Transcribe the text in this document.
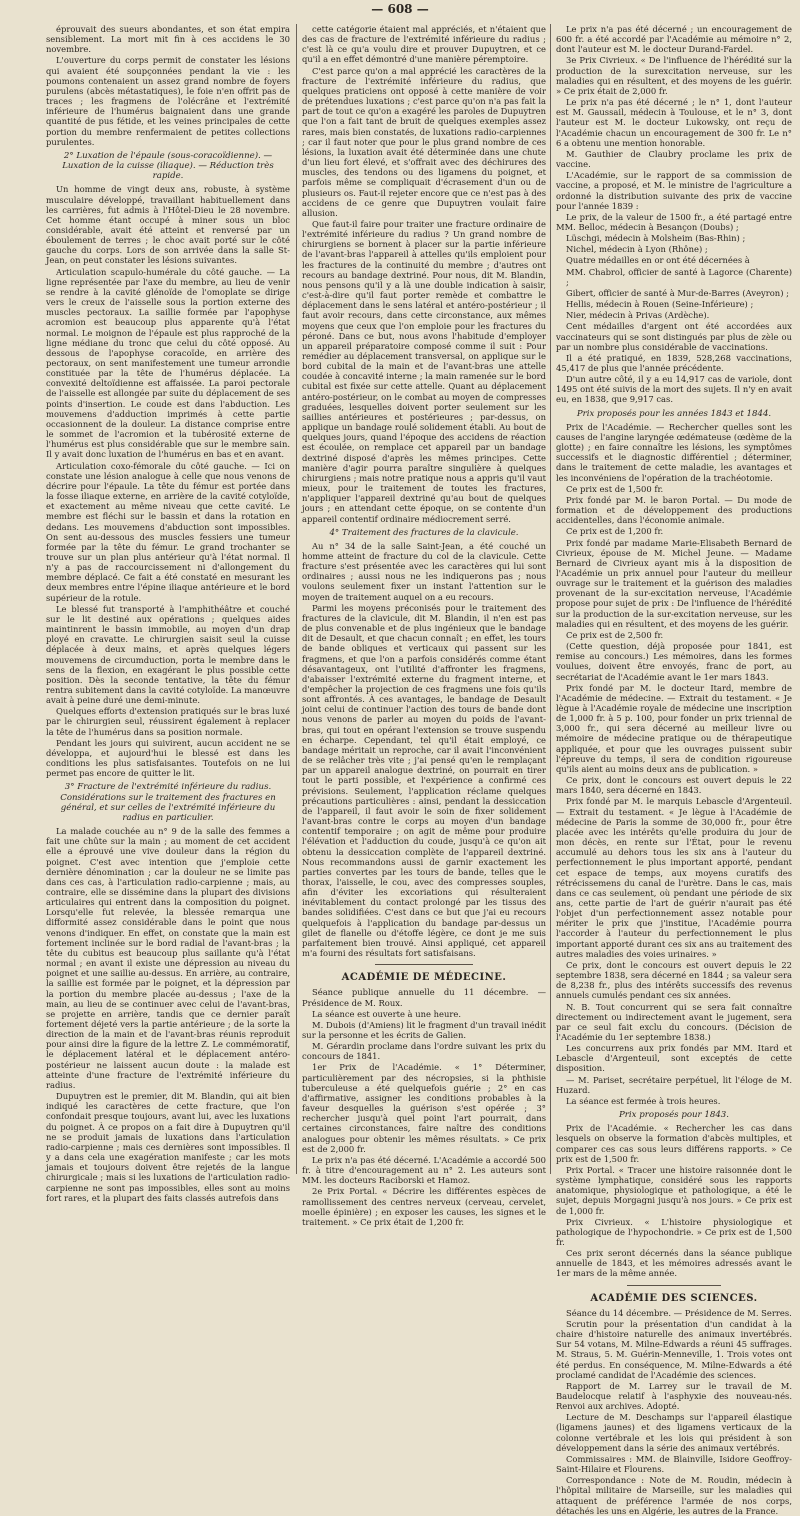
— 608 —

éprouvait des sueurs abondantes, et son état empira sensiblement. La mort mit fin à ces accidens le 30 novembre.

L'ouverture du corps permit de constater les lésions qui avaient été soupçonnées pendant la vie : les poumons contenaient un assez grand nombre de foyers purulens (abcès métastatiques), le foie n'en offrit pas de traces ; les fragmens de l'olécrâne et l'extrémité inférieure de l'humérus baignaient dans une grande quantité de pus fétide, et les veines principales de cette portion du membre renfermaient de petites collections purulentes.

2° Luxation de l'épaule (sous-coracoïdienne). — Luxation de la cuisse (iliaque). — Réduction très rapide.

Un homme de vingt deux ans, robuste, à système musculaire développé, travaillant habituellement dans les carrières, fut admis à l'Hôtel-Dieu le 28 novembre. Cet homme étant occupé à miner sous un bloc considérable, avait été atteint et renversé par un éboulement de terres ; le choc avait porté sur le côté gauche du corps. Lors de son arrivée dans la salle St-Jean, on peut constater les lésions suivantes.

Articulation scapulo-humérale du côté gauche. — La ligne représentée par l'axe du membre, au lieu de venir se rendre à la cavité glénoïde de l'omoplate se dirige vers le creux de l'aisselle sous la portion externe des muscles pectoraux. La saillie formée par l'apophyse acromion est beaucoup plus apparente qu'à l'état normal. Le moignon de l'épaule est plus rapproché de la ligne médiane du tronc que celui du côté opposé. Au dessous de l'apophyse coracoïde, en arrière des pectoraux, on sent manifestement une tumeur arrondie constituée par la tête de l'humérus déplacée. La convexité deltoïdienne est affaissée. La paroi pectorale de l'aisselle est allongée par suite du déplacement de ses points d'insertion. Le coude est dans l'abduction. Les mouvemens d'adduction imprimés à cette partie occasionnent de la douleur. La distance comprise entre le sommet de l'acromion et la tubérosité externe de l'humérus est plus considérable que sur le membre sain. Il y avait donc luxation de l'humérus en bas et en avant.

Articulation coxo-fémorale du côté gauche. — Ici on constate une lésion analogue à celle que nous venons de décrire pour l'épaule. La tête du fémur est portée dans la fosse iliaque externe, en arrière de la cavité cotyloïde, et exactement au même niveau que cette cavité. Le membre est fléchi sur le bassin et dans la rotation en dedans. Les mouvemens d'abduction sont impossibles. On sent au-dessous des muscles fessiers une tumeur formée par la tête du fémur. Le grand trochanter se trouve sur un plan plus antérieur qu'à l'état normal. Il n'y a pas de raccourcissement ni d'allongement du membre déplacé. Ce fait a été constaté en mesurant les deux membres entre l'épine iliaque antérieure et le bord supérieur de la rotule.

Le blessé fut transporté à l'amphithéâtre et couché sur le lit destiné aux opérations ; quelques aides maintinrent le bassin immobile, au moyen d'un drap ployé en cravatte. Le chirurgien saisit seul la cuisse déplacée à deux mains, et après quelques légers mouvemens de circumduction, porta le membre dans le sens de la flexion, en exagérant le plus possible cette position. Dès la seconde tentative, la tête du fémur rentra subitement dans la cavité cotyloïde. La manœuvre avait à peine duré une demi-minute.

Quelques efforts d'extension pratiqués sur le bras luxé par le chirurgien seul, réussirent également à replacer la tête de l'humérus dans sa position normale.

Pendant les jours qui suivirent, aucun accident ne se développa, et aujourd'hui le blessé est dans les conditions les plus satisfaisantes. Toutefois on ne lui permet pas encore de quitter le lit.

3° Fracture de l'extrémité inférieure du radius. Considérations sur le traitement des fractures en général, et sur celles de l'extrémité inférieure du radius en particulier.

La malade couchée au n° 9 de la salle des femmes a fait une chûte sur la main ; au moment de cet accident elle a éprouvé une vive douleur dans la région du poignet. C'est avec intention que j'emploie cette dernière dénomination ; car la douleur ne se limite pas dans ces cas, à l'articulation radio-carpienne ; mais, au contraire, elle se dissémine dans la plupart des divisions articulaires qui entrent dans la composition du poignet. Lorsqu'elle fut relevée, la blessée remarqua une difformité assez considérable dans le point que nous venons d'indiquer. En effet, on constate que la main est fortement inclinée sur le bord radial de l'avant-bras ; la tête du cubitus est beaucoup plus saillante qu'à l'état normal ; en avant il existe une dépression au niveau du poignet et une saillie au-dessus. En arrière, au contraire, la saillie est formée par le poignet, et la dépression par la portion du membre placée au-dessus ; l'axe de la main, au lieu de se continuer avec celui de l'avant-bras, se projette en arrière, tandis que ce dernier paraît fortement déjeté vers la partie antérieure ; de la sorte la direction de la main et de l'avant-bras réunis reproduit pour ainsi dire la figure de la lettre Z. Le commémoratif, le déplacement latéral et le déplacement antéro-postérieur ne laissent aucun doute : la malade est atteinte d'une fracture de l'extrémité inférieure du radius.

Dupuytren est le premier, dit M. Blandin, qui ait bien indiqué les caractères de cette fracture, que l'on confondait presque toujours, avant lui, avec les luxations du poignet. À ce propos on a fait dire à Dupuytren qu'il ne se produit jamais de luxations dans l'articulation radio-carpienne ; mais ces dernières sont impossibles. Il y a dans cela une exagération manifeste ; car les mots jamais et toujours doivent être rejetés de la langue chirurgicale ; mais si les luxations de l'articulation radio-carpienne ne sont pas impossibles, elles sont au moins fort rares, et la plupart des faits classés autrefois dans

cette catégorie étaient mal appréciés, et n'étaient que des cas de fracture de l'extrémité inférieure du radius ; c'est là ce qu'a voulu dire et prouver Dupuytren, et ce qu'il a en effet démontré d'une manière péremptoire.

C'est parce qu'on a mal apprécié les caractères de la fracture de l'extrémité inférieure du radius, que quelques praticiens ont opposé à cette manière de voir de prétendues luxations ; c'est parce qu'on n'a pas fait la part de tout ce qu'on a exagéré les paroles de Dupuytren que l'on a fait tant de bruit de quelques exemples assez rares, mais bien constatés, de luxations radio-carpiennes ; car il faut noter que pour le plus grand nombre de ces lésions, la luxation avait été déterminée dans une chute d'un lieu fort élevé, et s'offrait avec des déchirures des muscles, des tendons ou des ligamens du poignet, et parfois même se compliquait d'écrasement d'un ou de plusieurs os. Faut-il rejeter encore que ce n'est pas à des accidens de ce genre que Dupuytren voulait faire allusion.

Que faut-il faire pour traiter une fracture ordinaire de l'extrémité inférieure du radius ? Un grand nombre de chirurgiens se bornent à placer sur la partie inférieure de l'avant-bras l'appareil à attelles qu'ils emploient pour les fractures de la continuité du membre ; d'autres ont recours au bandage dextriné. Pour nous, dit M. Blandin, nous pensons qu'il y a là une double indication à saisir, c'est-à-dire qu'il faut porter remède et combattre le déplacement dans le sens latéral et antéro-postérieur ; il faut avoir recours, dans cette circonstance, aux mêmes moyens que ceux que l'on emploie pour les fractures du péroné. Dans ce but, nous avons l'habitude d'employer un appareil préparatoire composé comme il suit : Pour remédier au déplacement transversal, on applique sur le bord cubital de la main et de l'avant-bras une attelle coudée à concavité interne ; la main ramenée sur le bord cubital est fixée sur cette attelle. Quant au déplacement antéro-postérieur, on le combat au moyen de compresses graduées, lesquelles doivent porter seulement sur les saillies antérieures et postérieures ; par-dessus, on applique un bandage roulé solidement établi. Au bout de quelques jours, quand l'époque des accidens de réaction est écoulée, on remplace cet appareil par un bandage dextriné disposé d'après les mêmes principes. Cette manière d'agir pourra paraître singulière à quelques chirurgiens ; mais notre pratique nous a appris qu'il vaut mieux, pour le traitement de toutes les fractures, n'appliquer l'appareil dextriné qu'au bout de quelques jours ; en attendant cette époque, on se contente d'un appareil contentif ordinaire médiocrement serré.

4° Traitement des fractures de la clavicule.

Au n° 34 de la salle Saint-Jean, a été couché un homme atteint de fracture du col de la clavicule. Cette fracture s'est présentée avec les caractères qui lui sont ordinaires ; aussi nous ne les indiquerons pas ; nous voulons seulement fixer un instant l'attention sur le moyen de traitement auquel on a eu recours.

Parmi les moyens préconisés pour le traitement des fractures de la clavicule, dit M. Blandin, il n'en est pas de plus convenable et de plus ingénieux que le bandage dit de Desault, et que chacun connaît ; en effet, les tours de bande obliques et verticaux qui passent sur les fragmens, et que l'on a parfois considérés comme étant désavantageux, ont l'utilité d'affronter les fragmens, d'abaisser l'extrémité externe du fragment interne, et d'empêcher la projection de ces fragmens une fois qu'ils sont affrontés. À ces avantages, le bandage de Desault joint celui de continuer l'action des tours de bande dont nous venons de parler au moyen du poids de l'avant-bras, qui tout en opérant l'extension se trouve suspendu en écharpe. Cependant, tel qu'il était employé, ce bandage méritait un reproche, car il avait l'inconvénient de se relâcher très vite ; j'ai pensé qu'en le remplaçant par un appareil analogue dextriné, on pourrait en tirer tout le parti possible, et l'expérience a confirmé ces prévisions. Seulement, l'application réclame quelques précautions particulières : ainsi, pendant la dessiccation de l'appareil, il faut avoir le soin de fixer solidement l'avant-bras contre le corps au moyen d'un bandage contentif temporaire ; on agit de même pour produire l'élévation et l'adduction du coude, jusqu'à ce qu'on ait obtenu la dessiccation complète de l'appareil dextriné. Nous recommandons aussi de garnir exactement les parties convertes par les tours de bande, telles que le thorax, l'aisselle, le cou, avec des compresses souples, afin d'éviter les excoriations qui résulteraient inévitablement du contact prolongé par les tissus des bandes solidifiées. C'est dans ce but que j'ai eu recours quelquefois à l'application du bandage par-dessus un gilet de flanelle ou d'étoffe légère, ce dont je me suis parfaitement bien trouvé. Ainsi appliqué, cet appareil m'a fourni des résultats fort satisfaisans.

ACADÉMIE DE MÉDECINE.

Séance publique annuelle du 11 décembre. — Présidence de M. Roux.

La séance est ouverte à une heure.

M. Dubois (d'Amiens) lit le fragment d'un travail inédit sur la personne et les écrits de Galien.

M. Gérardin proclame dans l'ordre suivant les prix du concours de 1841.

1er Prix de l'Académie. « 1° Déterminer, particulièrement par des nécropsies, si la phthisie tuberculeuse a été quelquefois guérie ; 2° en cas d'affirmative, assigner les conditions probables à la faveur desquelles la guérison s'est opérée ; 3° rechercher jusqu'à quel point l'art pourrait, dans certaines circonstances, faire naître des conditions analogues pour obtenir les mêmes résultats. » Ce prix est de 2,000 fr.

Le prix n'a pas été décerné. L'Académie a accordé 500 fr. à titre d'encouragement au n° 2. Les auteurs sont MM. les docteurs Raciborski et Hamoz.

2e Prix Portal. « Décrire les différentes espèces de ramollissement des centres nerveux (cerveau, cervelet, moelle épinière) ; en exposer les causes, les signes et le traitement. » Ce prix était de 1,200 fr.

Le prix n'a pas été décerné ; un encouragement de 600 fr. a été accordé par l'Académie au mémoire n° 2, dont l'auteur est M. le docteur Durand-Fardel.

3e Prix Civrieux. « De l'influence de l'hérédité sur la production de la surexcitation nerveuse, sur les maladies qui en résultent, et des moyens de les guérir. » Ce prix était de 2,000 fr.

Le prix n'a pas été décerné ; le n° 1, dont l'auteur est M. Gaussail, médecin à Toulouse, et le n° 3, dont l'auteur est M. le docteur Lukowsky, ont reçu de l'Académie chacun un encouragement de 300 fr. Le n° 6 a obtenu une mention honorable.

M. Gauthier de Claubry proclame les prix de vaccine.

L'Académie, sur le rapport de sa commission de vaccine, a proposé, et M. le ministre de l'agriculture a ordonné la distribution suivante des prix de vaccine pour l'année 1839 :

Le prix, de la valeur de 1500 fr., a été partagé entre MM. Belloc, médecin à Besançon (Doubs) ;

Lüschgi, médecin à Molsheim (Bas-Rhin) ;

Nichel, médecin à Lyon (Rhône) ;

Quatre médailles en or ont été décernées à

MM. Chabrol, officier de santé à Lagorce (Charente) ;

Gibert, officier de santé à Mur-de-Barres (Aveyron) ;

Hellis, médecin à Rouen (Seine-Inférieure) ;

Nier, médecin à Privas (Ardèche).

Cent médailles d'argent ont été accordées aux vaccinateurs qui se sont distingués par plus de zèle ou par un nombre plus considérable de vaccinations.

Il a été pratiqué, en 1839, 528,268 vaccinations, 45,417 de plus que l'année précédente.

D'un autre côté, il y a eu 14,917 cas de variole, dont 1495 ont été suivis de la mort des sujets. Il n'y en avait eu, en 1838, que 9,917 cas.

Prix proposés pour les années 1843 et 1844.

Prix de l'Académie. — Rechercher quelles sont les causes de l'angine laryngée œdémateuse (œdème de la glotte) ; en faire connaître les lésions, les symptômes successifs et le diagnostic différentiel ; déterminer, dans le traitement de cette maladie, les avantages et les inconvéniens de l'opération de la trachéotomie.

Ce prix est de 1,500 fr.

Prix fondé par M. le baron Portal. — Du mode de formation et de développement des productions accidentelles, dans l'économie animale.

Ce prix est de 1,200 fr.

Prix fondé par madame Marie-Elisabeth Bernard de Civrieux, épouse de M. Michel Jeune. — Madame Bernard de Civrieux ayant mis à la disposition de l'Académie un prix annuel pour l'auteur du meilleur ouvrage sur le traitement et la guérison des maladies provenant de la sur-excitation nerveuse, l'Académie propose pour sujet de prix : De l'influence de l'hérédité sur la production de la sur-excitation nerveuse, sur les maladies qui en résultent, et des moyens de les guérir.

Ce prix est de 2,500 fr.

(Cette question, déjà proposée pour 1841, est remise au concours.) Les mémoires, dans les formes voulues, doivent être envoyés, franc de port, au secrétariat de l'Académie avant le 1er mars 1843.

Prix fondé par M. le docteur Itard, membre de l'Académie de médecine. — Extrait du testament. « Je lègue à l'Académie royale de médecine une inscription de 1,000 fr. à 5 p. 100, pour fonder un prix triennal de 3,000 fr., qui sera décerné au meilleur livre ou mémoire de médecine pratique ou de thérapeutique appliquée, et pour que les ouvrages puissent subir l'épreuve du temps, il sera de condition rigoureuse qu'ils aient au moins deux ans de publication. »

Ce prix, dont le concours est ouvert depuis le 22 mars 1840, sera décerné en 1843.

Prix fondé par M. le marquis Lebascle d'Argenteuil. — Extrait du testament. « Je lègue à l'Académie de médecine de Paris la somme de 30,000 fr., pour être placée avec les intérêts qu'elle produira du jour de mon décès, en rente sur l'État, pour le revenu accumulé au dehors tous les six ans à l'auteur du perfectionnement le plus important apporté, pendant cet espace de temps, aux moyens curatifs des rétrécissemens du canal de l'urètre. Dans le cas, mais dans ce cas seulement, où pendant une période de six ans, cette partie de l'art de guérir n'aurait pas été l'objet d'un perfectionnement assez notable pour mériter le prix que j'institue, l'Académie pourra l'accorder à l'auteur du perfectionnement le plus important apporté durant ces six ans au traitement des autres maladies des voies urinaires. »

Ce prix, dont le concours est ouvert depuis le 22 septembre 1838, sera décerné en 1844 ; sa valeur sera de 8,238 fr., plus des intérêts successifs des revenus annuels cumulés pendant ces six années.

N. B. Tout concurrent qui se sera fait connaître directement ou indirectement avant le jugement, sera par ce seul fait exclu du concours. (Décision de l'Académie du 1er septembre 1838.)

Les concurrens aux prix fondés par MM. Itard et Lebascle d'Argenteuil, sont exceptés de cette disposition.

— M. Pariset, secrétaire perpétuel, lit l'éloge de M. Huzard.

La séance est fermée à trois heures.

Prix proposés pour 1843.

Prix de l'Académie. « Rechercher les cas dans lesquels on observe la formation d'abcès multiples, et comparer ces cas sous leurs différens rapports. » Ce prix est de 1,500 fr.

Prix Portal. « Tracer une histoire raisonnée dont le système lymphatique, considéré sous les rapports anatomique, physiologique et pathologique, a été le sujet, depuis Morgagni jusqu'à nos jours. » Ce prix est de 1,000 fr.

Prix Civrieux. « L'histoire physiologique et pathologique de l'hypochondrie. » Ce prix est de 1,500 fr.

Ces prix seront décernés dans la séance publique annuelle de 1843, et les mémoires adressés avant le 1er mars de la même année.

ACADÉMIE DES SCIENCES.

Séance du 14 décembre. — Présidence de M. Serres.

Scrutin pour la présentation d'un candidat à la chaire d'histoire naturelle des animaux invertébrés. Sur 54 votans, M. Milne-Edwards a réuni 45 suffrages. M. Straus, 5. M. Guérin-Menneville, 1. Trois votes ont été perdus. En conséquence, M. Milne-Edwards a été proclamé candidat de l'Académie des sciences.

Rapport de M. Larrey sur le travail de M. Baudelocque relatif à l'asphyxie des nouveau-nés. Renvoi aux archives. Adopté.

Lecture de M. Deschamps sur l'appareil élastique (ligamens jaunes) et des ligamens verticaux de la colonne vertébrale et les lois qui président à son développement dans la série des animaux vertébrés.

Commissaires : MM. de Blainville, Isidore Geoffroy-Saint-Hilaire et Flourens.

Correspondance : Note de M. Roudin, médecin à l'hôpital militaire de Marseille, sur les maladies qui attaquent de préférence l'armée de nos corps, détachés les uns en Algérie, les autres de la France.
